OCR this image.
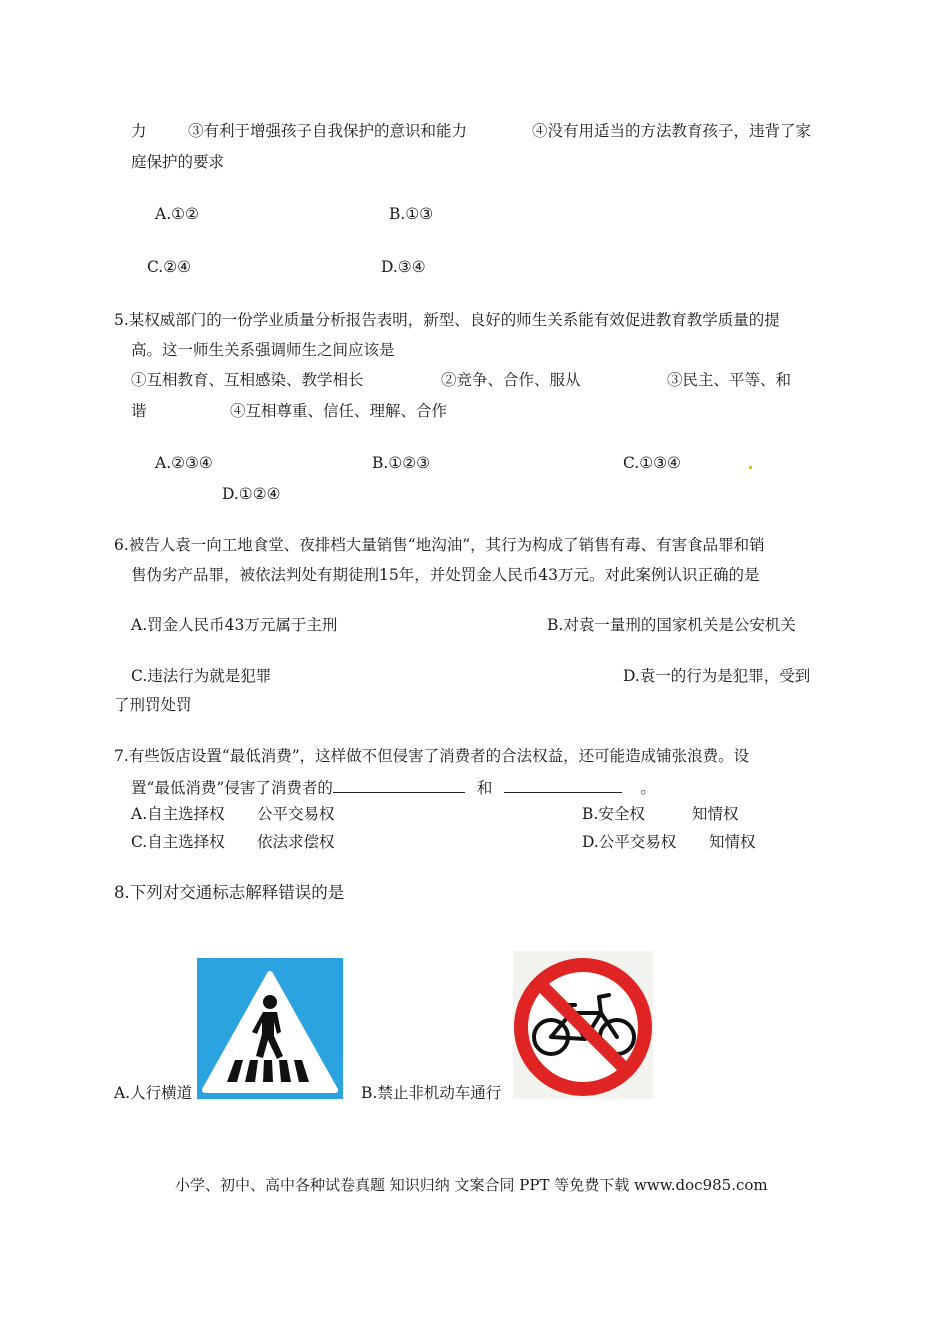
力	③有利于增强孩子自我保护的意识和能力	④没有用适当的方法教育孩子，违背了家
庭保护的要求
A.①②	B.①③
C.②④	D.③④
5.某权威部门的一份学业质量分析报告表明，新型、良好的师生关系能有效促进教育教学质量的提
高。这一师生关系强调师生之间应该是
①互相教育、互相感染、教学相长	②竞争、合作、服从	③民主、平等、和
谐	④互相尊重、信任、理解、合作
A.②③④	B.①②③	C.①③④
D.①②④
6.被告人袁一向工地食堂、夜排档大量销售“地沟油”，其行为构成了销售有毒、有害食品罪和销
售伪劣产品罪，被依法判处有期徒刑15年，并处罚金人民币43万元。对此案例认识正确的是
A.罚金人民币43万元属于主刑	B.对袁一量刑的国家机关是公安机关
C.违法行为就是犯罪	D.袁一的行为是犯罪，受到
了刑罚处罚
7.有些饭店设置“最低消费”，这样做不但侵害了消费者的合法权益，还可能造成铺张浪费。设
置“最低消费”侵害了消费者的	和	。
A.自主选择权 公平交易权	B.安全权	知情权
C.自主选择权 依法求偿权	D.公平交易权 知情权
8.下列对交通标志解释错误的是
A.人行横道	B.禁止非机动车通行
小学、初中、高中各种试卷真题 知识归纳 文案合同 PPT 等免费下载 www.doc985.com
